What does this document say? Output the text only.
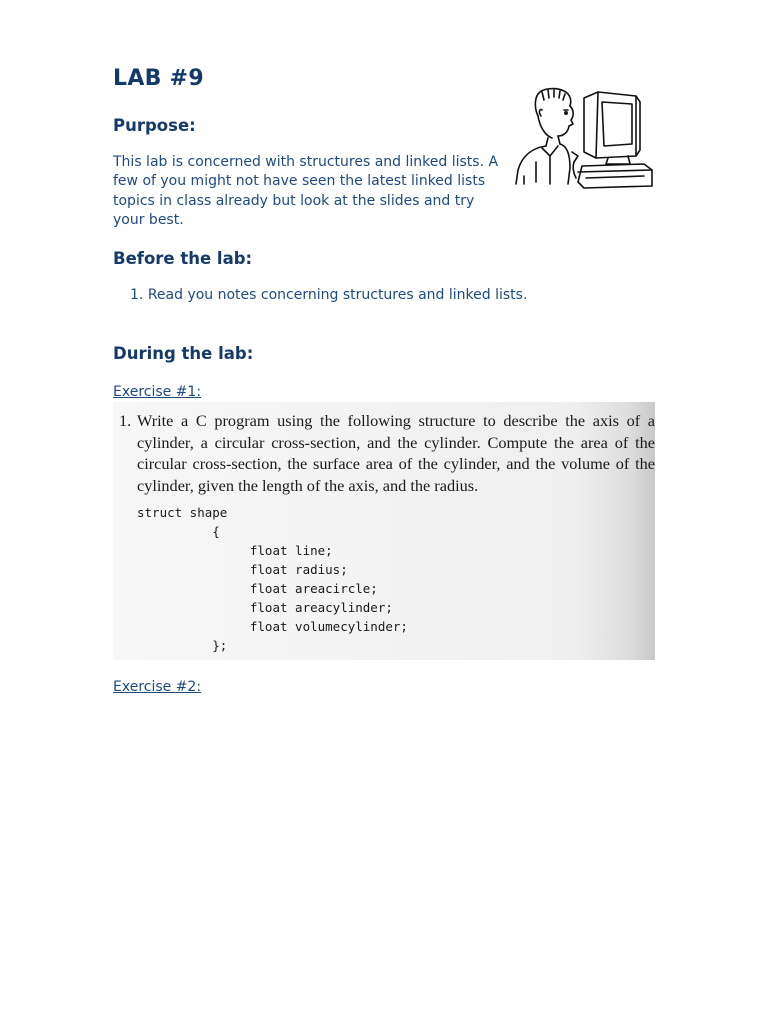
LAB #9
Purpose:

This lab is concerned with structures and linked lists. A few of you might not have seen the latest linked lists topics in class already but look at the slides and try your best.

Before the lab:
1. Read you notes concerning structures and linked lists.
During the lab:
Exercise #1:
1. Write a C program using the following structure to describe the axis of a cylinder, a circular cross-section, and the cylinder. Compute the area of the circular cross-section, the surface area of the cylinder, and the volume of the cylinder, given the length of the axis, and the radius.
struct shape
{
float line;
float radius;
float areacircle;
float areacylinder;
float volumecylinder;
};
Exercise #2:
